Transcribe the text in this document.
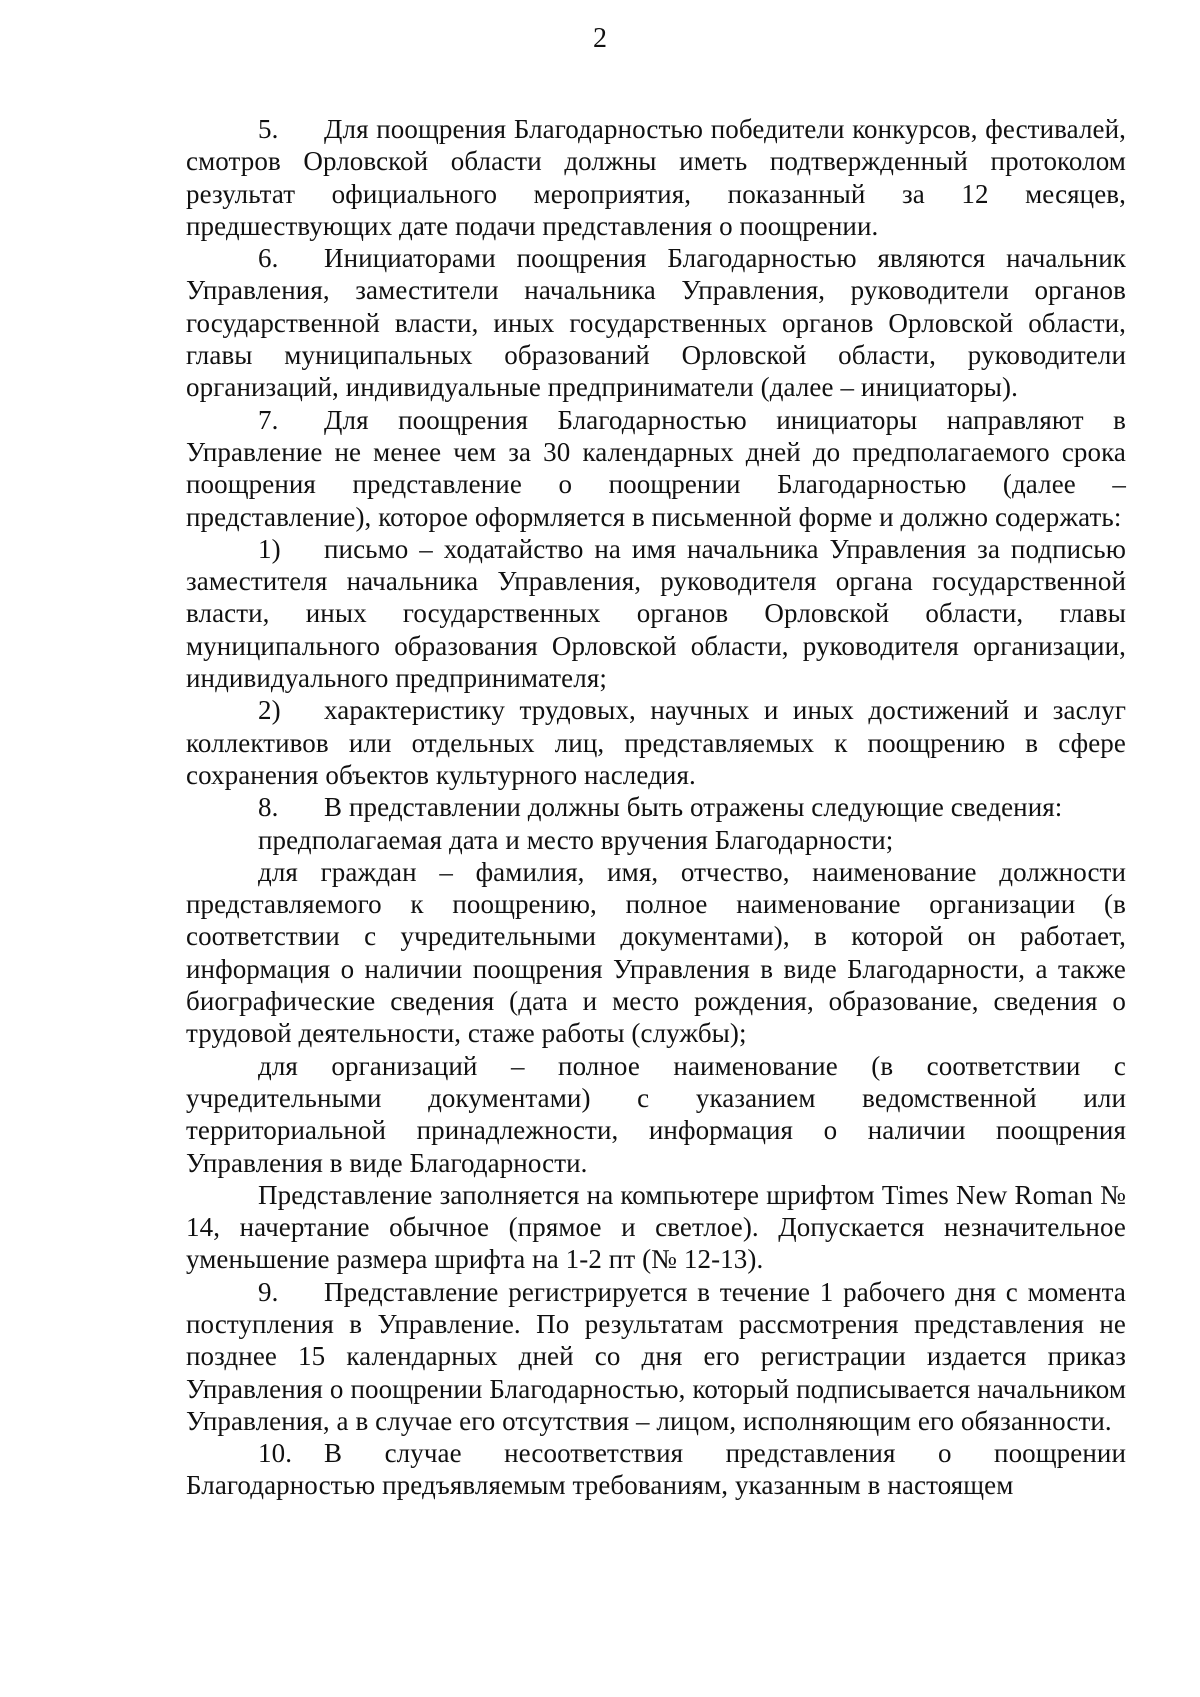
2

5. Для поощрения Благодарностью победители конкурсов, фестивалей, смотров Орловской области должны иметь подтвержденный протоколом результат официального мероприятия, показанный за 12 месяцев, предшествующих дате подачи представления о поощрении.

6. Инициаторами поощрения Благодарностью являются начальник Управления, заместители начальника Управления, руководители органов государственной власти, иных государственных органов Орловской области, главы муниципальных образований Орловской области, руководители организаций, индивидуальные предприниматели (далее – инициаторы).

7. Для поощрения Благодарностью инициаторы направляют в Управление не менее чем за 30 календарных дней до предполагаемого срока поощрения представление о поощрении Благодарностью (далее – представление), которое оформляется в письменной форме и должно содержать:

1) письмо – ходатайство на имя начальника Управления за подписью заместителя начальника Управления, руководителя органа государственной власти, иных государственных органов Орловской области, главы муниципального образования Орловской области, руководителя организации, индивидуального предпринимателя;

2) характеристику трудовых, научных и иных достижений и заслуг коллективов или отдельных лиц, представляемых к поощрению в сфере сохранения объектов культурного наследия.

8. В представлении должны быть отражены следующие сведения:

предполагаемая дата и место вручения Благодарности;

для граждан – фамилия, имя, отчество, наименование должности представляемого к поощрению, полное наименование организации (в соответствии с учредительными документами), в которой он работает, информация о наличии поощрения Управления в виде Благодарности, а также биографические сведения (дата и место рождения, образование, сведения о трудовой деятельности, стаже работы (службы);

для организаций – полное наименование (в соответствии с учредительными документами) с указанием ведомственной или территориальной принадлежности, информация о наличии поощрения Управления в виде Благодарности.

Представление заполняется на компьютере шрифтом Times New Roman № 14, начертание обычное (прямое и светлое). Допускается незначительное уменьшение размера шрифта на 1-2 пт (№ 12-13).

9. Представление регистрируется в течение 1 рабочего дня с момента поступления в Управление. По результатам рассмотрения представления не позднее 15 календарных дней со дня его регистрации издается приказ Управления о поощрении Благодарностью, который подписывается начальником Управления, а в случае его отсутствия – лицом, исполняющим его обязанности.

10. В случае несоответствия представления о поощрении Благодарностью предъявляемым требованиям, указанным в настоящем
